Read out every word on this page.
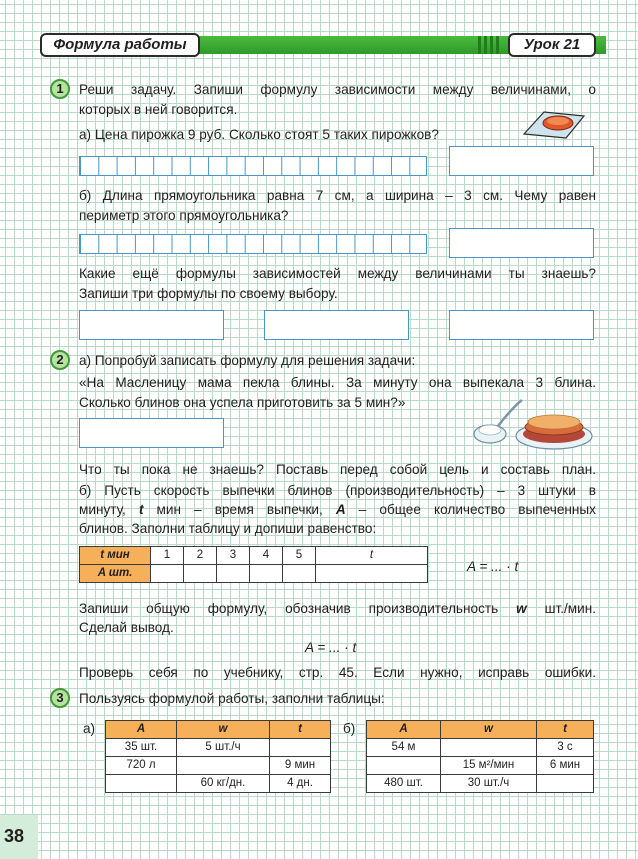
Формула работы	Урок 21
1	Реши задачу. Запиши формулу зависимости между величинами, о
которых в ней говорится.
а) Цена пирожка 9 руб. Сколько стоят 5 таких пирожков?
б) Длина прямоугольника равна 7 см, а ширина – 3 см. Чему равен
периметр этого прямоугольника?
Какие ещё формулы зависимостей между величинами ты знаешь?
Запиши три формулы по своему выбору.
2	а) Попробуй записать формулу для решения задачи:
«На Масленицу мама пекла блины. За минуту она выпекала 3 блина.
Сколько блинов она успела приготовить за 5 мин?»
Что ты пока не знаешь? Поставь перед собой цель и составь план.
б) Пусть скорость выпечки блинов (производительность) – 3 штуки в
минуту, t мин – время выпечки, A – общее количество выпеченных
блинов. Заполни таблицу и допиши равенство:
t мин	1	2	3	4	5	t
A шт.							A = ... · t
Запиши общую формулу, обозначив производительность w шт./мин.
Сделай вывод.
A = ... · t
Проверь себя по учебнику, стр. 45. Если нужно, исправь ошибки.
3	Пользуясь формулой работы, заполни таблицы:
а)	A	w	t
35 шт.	5 шт./ч	
720 л		9 мин
	60 кг/дн.	4 дн.
б)	A	w	t
54 м		3 с
	15 м²/мин	6 мин
480 шт.	30 шт./ч	
38
